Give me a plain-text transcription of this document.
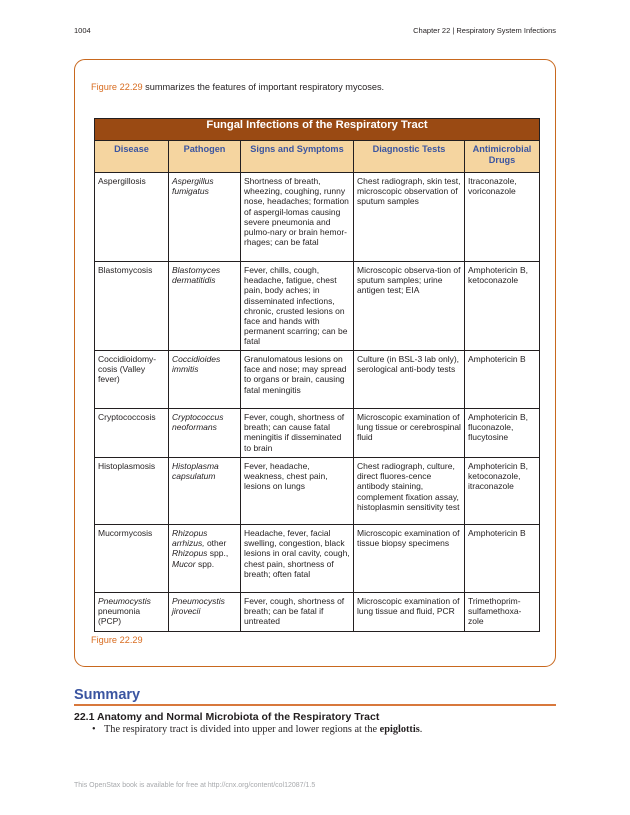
1004	Chapter 22 | Respiratory System Infections
Figure 22.29 summarizes the features of important respiratory mycoses.
Fungal Infections of the Respiratory Tract				
Disease	Pathogen	Signs and Symptoms	Diagnostic Tests	Antimicrobial Drugs
Aspergillosis	Aspergillus fumigatus	Shortness of breath, wheezing, coughing, runny nose, headaches; formation of aspergil-lomas causing severe pneumonia and pulmo-nary or brain hemor-rhages; can be fatal	Chest radiograph, skin test, microscopic observation of sputum samples	Itraconazole, voriconazole
Blastomycosis	Blastomyces dermatitidis	Fever, chills, cough, headache, fatigue, chest pain, body aches; in disseminated infections, chronic, crusted lesions on face and hands with permanent scarring; can be fatal	Microscopic observa-tion of sputum samples; urine antigen test; EIA	Amphotericin B, ketoconazole
Coccidioidomy-cosis (Valley fever)	Coccidioides immitis	Granulomatous lesions on face and nose; may spread to organs or brain, causing fatal meningitis	Culture (in BSL-3 lab only), serological anti-body tests	Amphotericin B
Cryptococcosis	Cryptococcus neoformans	Fever, cough, shortness of breath; can cause fatal meningitis if disseminated to brain	Microscopic examination of lung tissue or cerebrospinal fluid	Amphotericin B, fluconazole, flucytosine
Histoplasmosis	Histoplasma capsulatum	Fever, headache, weakness, chest pain, lesions on lungs	Chest radiograph, culture, direct fluores-cence antibody staining, complement fixation assay, histoplasmin sensitivity test	Amphotericin B, ketoconazole, itraconazole
Mucormycosis	Rhizopus arrhizus, other Rhizopus spp., Mucor spp.	Headache, fever, facial swelling, congestion, black lesions in oral cavity, cough, chest pain, shortness of breath; often fatal	Microscopic examination of tissue biopsy specimens	Amphotericin B
Pneumocystis pneumonia (PCP)	Pneumocystis jirovecii	Fever, cough, shortness of breath; can be fatal if untreated	Microscopic examination of lung tissue and fluid, PCR	Trimethoprim-sulfamethoxa-zole
Figure 22.29
Summary
22.1 Anatomy and Normal Microbiota of the Respiratory Tract
• The respiratory tract is divided into upper and lower regions at the epiglottis.
This OpenStax book is available for free at http://cnx.org/content/col12087/1.5
